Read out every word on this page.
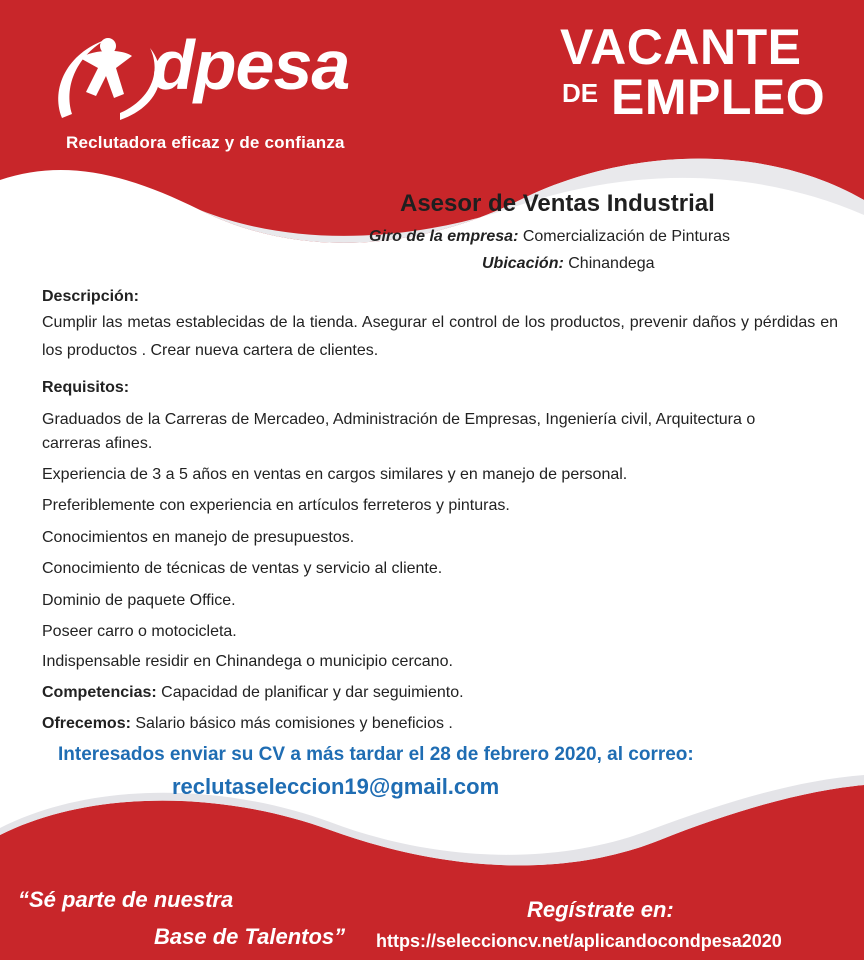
dpesa
Reclutadora eficaz y de confianza
VACANTE
DE EMPLEO
Asesor de Ventas Industrial
Giro de la empresa: Comercialización de Pinturas
Ubicación: Chinandega
Descripción:
Cumplir las metas establecidas de la tienda. Asegurar el control de los productos, prevenir daños y pérdidas en los productos . Crear nueva cartera de clientes.
Requisitos:
Graduados de la Carreras de Mercadeo, Administración de Empresas, Ingeniería civil, Arquitectura o carreras afines.
Experiencia de 3 a 5 años en ventas en cargos similares y en manejo de personal.
Preferiblemente con experiencia en artículos ferreteros y pinturas.
Conocimientos en manejo de presupuestos.
Conocimiento de técnicas de ventas y servicio al cliente.
Dominio de paquete Office.
Poseer carro o motocicleta.
Indispensable residir en Chinandega o municipio cercano.
Competencias: Capacidad de planificar y dar seguimiento.
Ofrecemos: Salario básico más comisiones y beneficios .
Interesados enviar su CV a más tardar el 28 de febrero 2020, al correo:
reclutaseleccion19@gmail.com
“Sé parte de nuestra
Base de Talentos”
Regístrate en:
https://seleccioncv.net/aplicandocondpesa2020
